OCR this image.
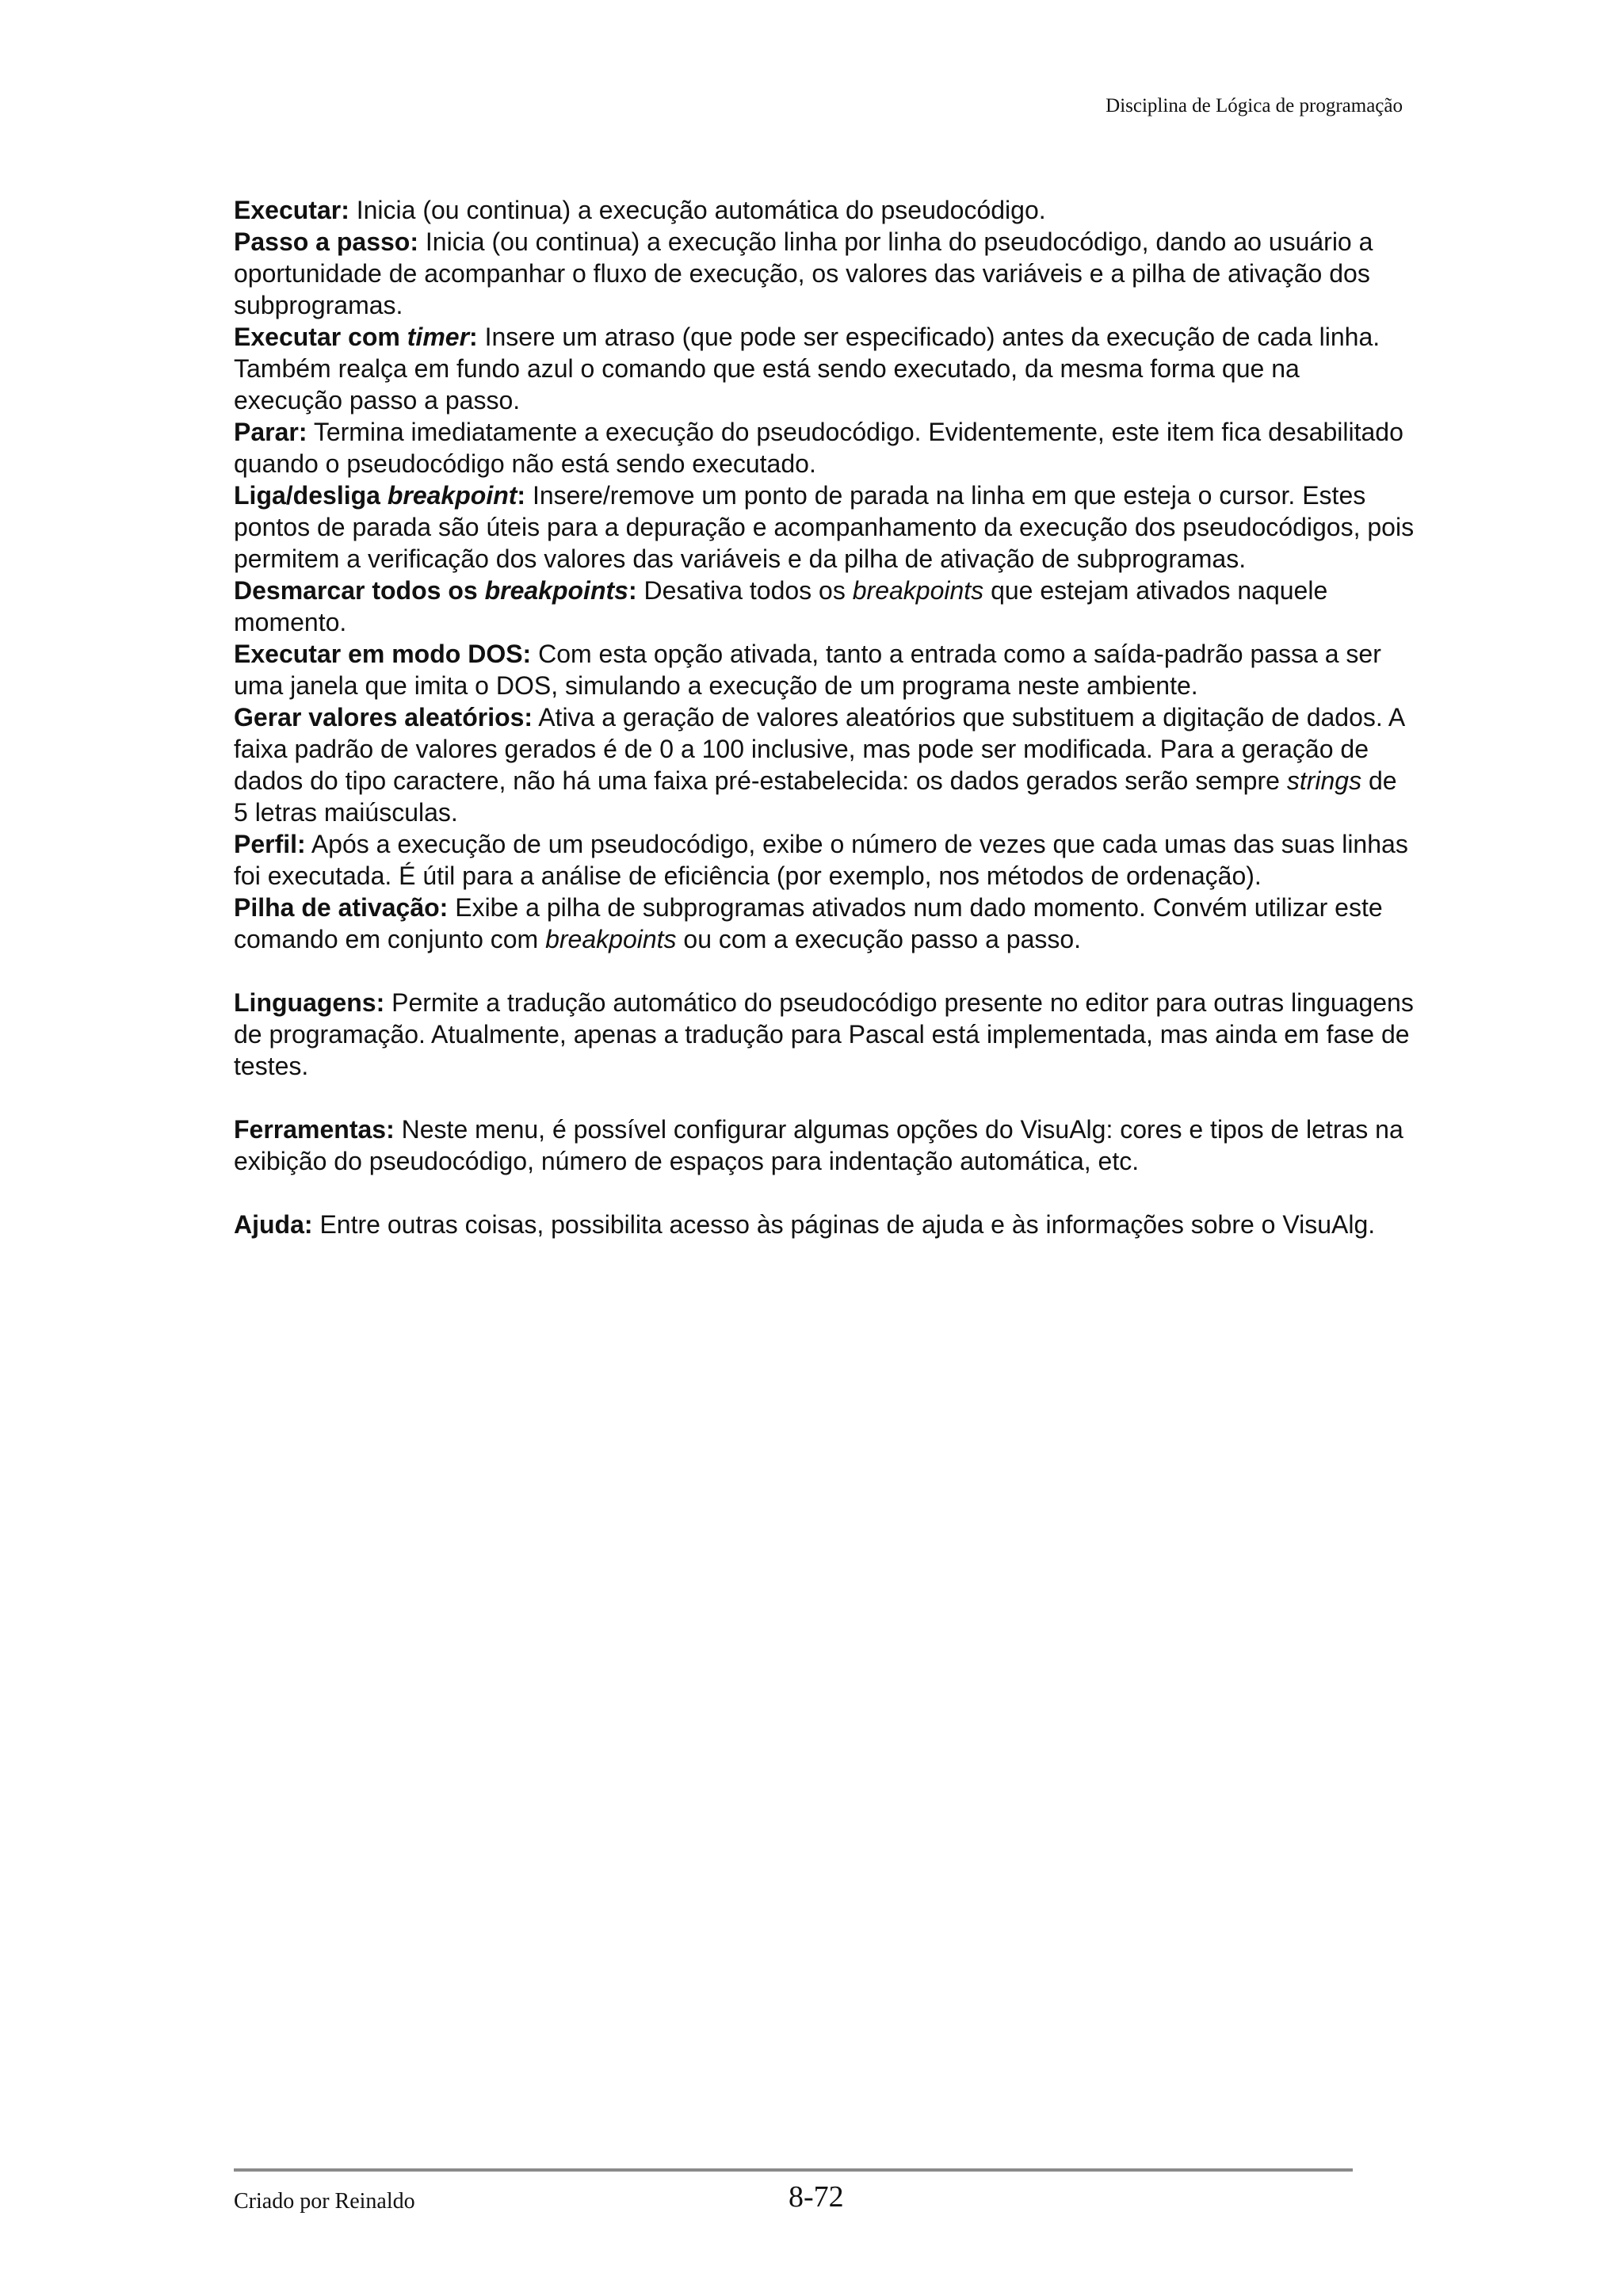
Disciplina de Lógica de programação

Executar: Inicia (ou continua) a execução automática do pseudocódigo.

Passo a passo: Inicia (ou continua) a execução linha por linha do pseudocódigo, dando ao usuário a oportunidade de acompanhar o fluxo de execução, os valores das variáveis e a pilha de ativação dos subprogramas.

Executar com timer: Insere um atraso (que pode ser especificado) antes da execução de cada linha. Também realça em fundo azul o comando que está sendo executado, da mesma forma que na execução passo a passo.

Parar: Termina imediatamente a execução do pseudocódigo. Evidentemente, este item fica desabilitado quando o pseudocódigo não está sendo executado.

Liga/desliga breakpoint: Insere/remove um ponto de parada na linha em que esteja o cursor. Estes pontos de parada são úteis para a depuração e acompanhamento da execução dos pseudocódigos, pois permitem a verificação dos valores das variáveis e da pilha de ativação de subprogramas.

Desmarcar todos os breakpoints: Desativa todos os breakpoints que estejam ativados naquele momento.

Executar em modo DOS: Com esta opção ativada, tanto a entrada como a saída-padrão passa a ser uma janela que imita o DOS, simulando a execução de um programa neste ambiente.

Gerar valores aleatórios: Ativa a geração de valores aleatórios que substituem a digitação de dados. A faixa padrão de valores gerados é de 0 a 100 inclusive, mas pode ser modificada. Para a geração de dados do tipo caractere, não há uma faixa pré-estabelecida: os dados gerados serão sempre strings de 5 letras maiúsculas.

Perfil: Após a execução de um pseudocódigo, exibe o número de vezes que cada umas das suas linhas foi executada. É útil para a análise de eficiência (por exemplo, nos métodos de ordenação).

Pilha de ativação: Exibe a pilha de subprogramas ativados num dado momento. Convém utilizar este comando em conjunto com breakpoints ou com a execução passo a passo.

Linguagens: Permite a tradução automático do pseudocódigo presente no editor para outras linguagens de programação. Atualmente, apenas a tradução para Pascal está implementada, mas ainda em fase de testes.

Ferramentas: Neste menu, é possível configurar algumas opções do VisuAlg: cores e tipos de letras na exibição do pseudocódigo, número de espaços para indentação automática, etc.

Ajuda: Entre outras coisas, possibilita acesso às páginas de ajuda e às informações sobre o VisuAlg.

Criado por Reinaldo	8-72
